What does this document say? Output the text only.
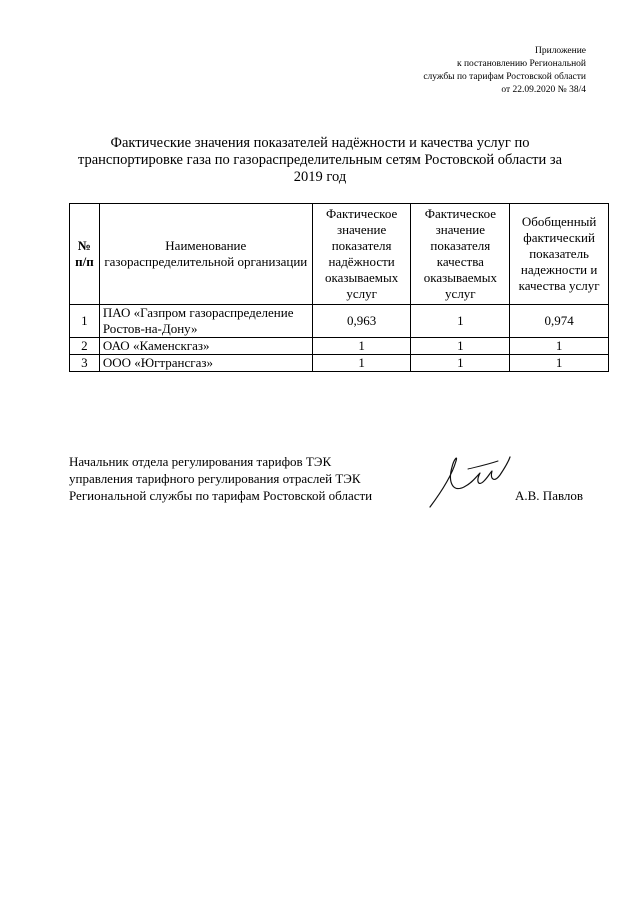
Приложение
к постановлению Региональной
службы по тарифам Ростовской области
от 22.09.2020 № 38/4
Фактические значения показателей надёжности и качества услуг по транспортировке газа по газораспределительным сетям Ростовской области за 2019 год
№ п/п	Наименование газораспределительной организации	Фактическое значение показателя надёжности оказываемых услуг	Фактическое значение показателя качества оказываемых услуг	Обобщенный фактический показатель надежности и качества услуг
1	ПАО «Газпром газораспределение Ростов-на-Дону»	0,963	1	0,974
2	ОАО «Каменскгаз»	1	1	1
3	ООО «Югтрансгаз»	1	1	1
Начальник отдела регулирования тарифов ТЭК
управления тарифного регулирования отраслей ТЭК
Региональной службы по тарифам Ростовской области	А.В. Павлов
